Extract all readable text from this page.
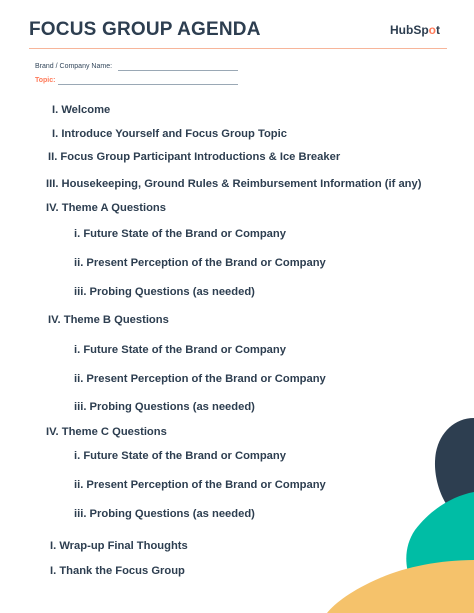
FOCUS GROUP AGENDA	HubSpot
Brand / Company Name:
Topic:
I. Welcome
I. Introduce Yourself and Focus Group Topic
II. Focus Group Participant Introductions & Ice Breaker
III. Housekeeping, Ground Rules & Reimbursement Information (if any)
IV. Theme A Questions
i. Future State of the Brand or Company
ii. Present Perception of the Brand or Company
iii. Probing Questions (as needed)
IV. Theme B Questions
i. Future State of the Brand or Company
ii. Present Perception of the Brand or Company
iii. Probing Questions (as needed)
IV. Theme C Questions
i. Future State of the Brand or Company
ii. Present Perception of the Brand or Company
iii. Probing Questions (as needed)
I. Wrap-up Final Thoughts
I. Thank the Focus Group
